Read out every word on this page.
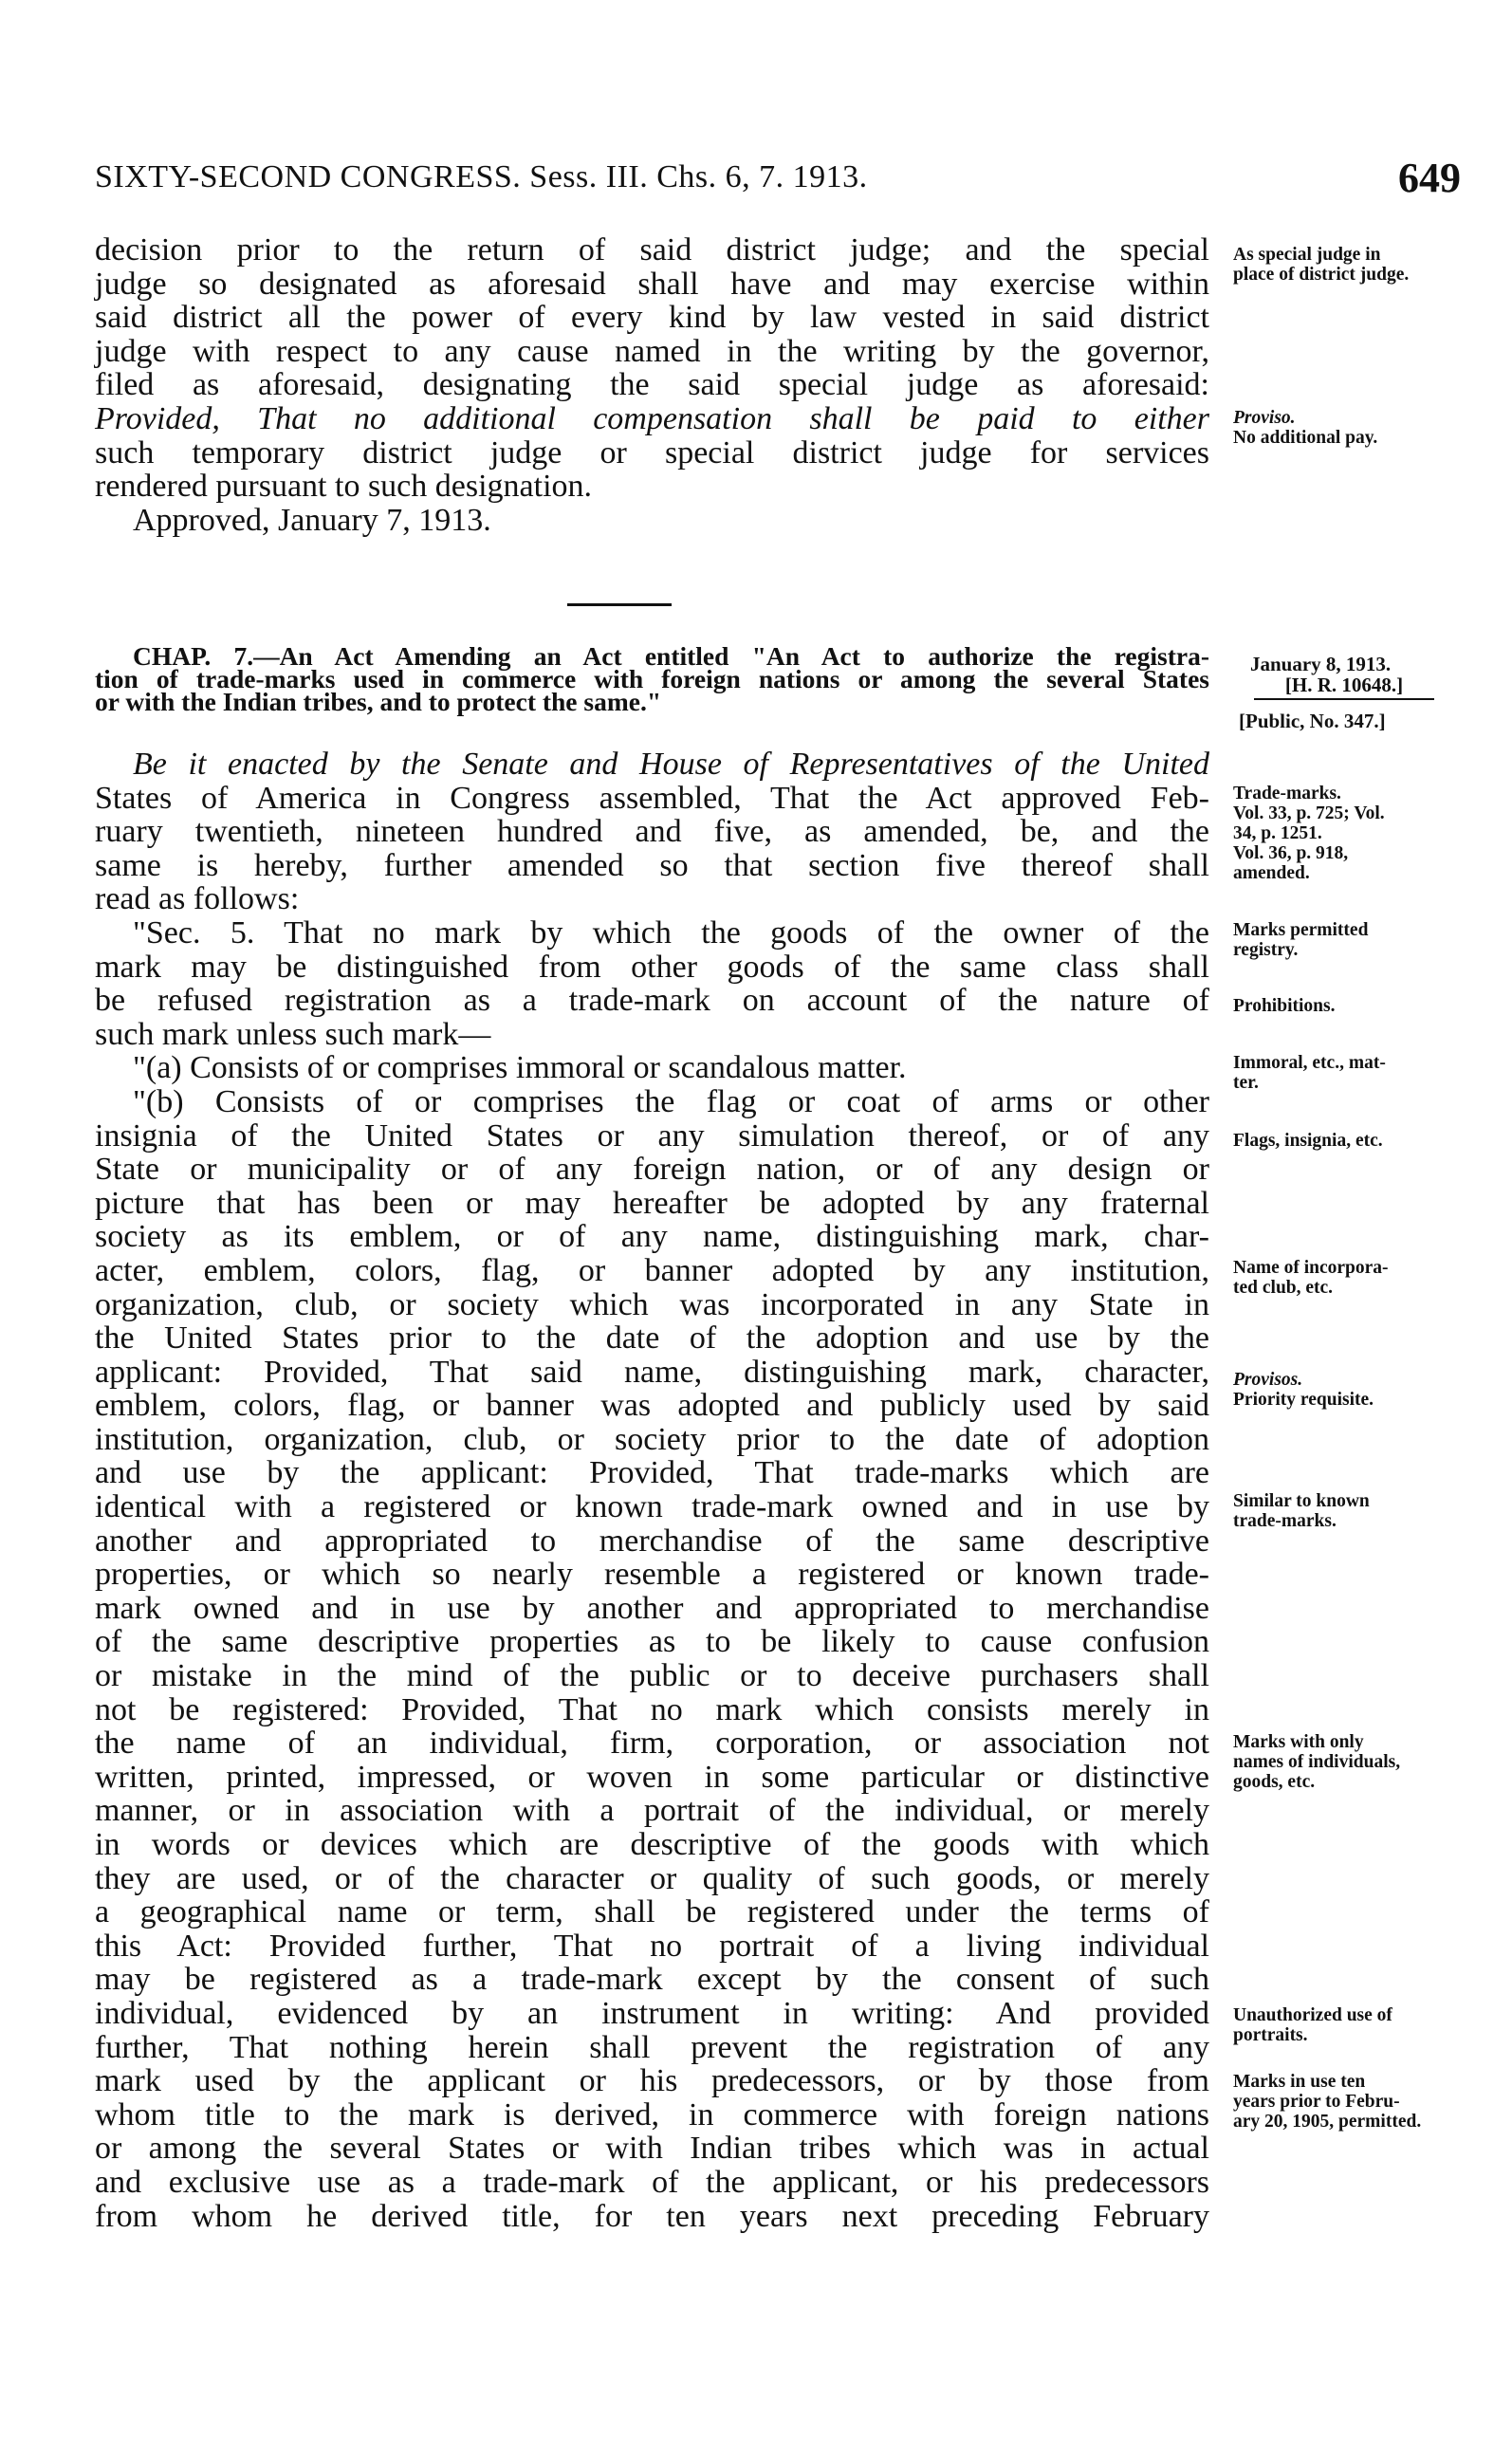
SIXTY-SECOND CONGRESS. Sess. III. Chs. 6, 7. 1913.	649
decision prior to the return of said district judge; and the special
judge so designated as aforesaid shall have and may exercise within
said district all the power of every kind by law vested in said district
judge with respect to any cause named in the writing by the governor,
filed as aforesaid, designating the said special judge as aforesaid:
Provided, That no additional compensation shall be paid to either
such temporary district judge or special district judge for services
rendered pursuant to such designation.
Approved, January 7, 1913.
CHAP. 7.—An Act Amending an Act entitled "An Act to authorize the registra-
tion of trade-marks used in commerce with foreign nations or among the several States
or with the Indian tribes, and to protect the same."
Be it enacted by the Senate and House of Representatives of the United
States of America in Congress assembled, That the Act approved Feb-
ruary twentieth, nineteen hundred and five, as amended, be, and the
same is hereby, further amended so that section five thereof shall
read as follows:
"Sec. 5. That no mark by which the goods of the owner of the
mark may be distinguished from other goods of the same class shall
be refused registration as a trade-mark on account of the nature of
such mark unless such mark—
"(a) Consists of or comprises immoral or scandalous matter.
"(b) Consists of or comprises the flag or coat of arms or other
insignia of the United States or any simulation thereof, or of any
State or municipality or of any foreign nation, or of any design or
picture that has been or may hereafter be adopted by any fraternal
society as its emblem, or of any name, distinguishing mark, char-
acter, emblem, colors, flag, or banner adopted by any institution,
organization, club, or society which was incorporated in any State in
the United States prior to the date of the adoption and use by the
applicant: Provided, That said name, distinguishing mark, character,
emblem, colors, flag, or banner was adopted and publicly used by said
institution, organization, club, or society prior to the date of adoption
and use by the applicant: Provided, That trade-marks which are
identical with a registered or known trade-mark owned and in use by
another and appropriated to merchandise of the same descriptive
properties, or which so nearly resemble a registered or known trade-
mark owned and in use by another and appropriated to merchandise
of the same descriptive properties as to be likely to cause confusion
or mistake in the mind of the public or to deceive purchasers shall
not be registered: Provided, That no mark which consists merely in
the name of an individual, firm, corporation, or association not
written, printed, impressed, or woven in some particular or distinctive
manner, or in association with a portrait of the individual, or merely
in words or devices which are descriptive of the goods with which
they are used, or of the character or quality of such goods, or merely
a geographical name or term, shall be registered under the terms of
this Act: Provided further, That no portrait of a living individual
may be registered as a trade-mark except by the consent of such
individual, evidenced by an instrument in writing: And provided
further, That nothing herein shall prevent the registration of any
mark used by the applicant or his predecessors, or by those from
whom title to the mark is derived, in commerce with foreign nations
or among the several States or with Indian tribes which was in actual
and exclusive use as a trade-mark of the applicant, or his predecessors
from whom he derived title, for ten years next preceding February
As special judge in
place of district judge.
Proviso.
No additional pay.
January 8, 1913.
[H. R. 10648.]
[Public, No. 347.]
Trade-marks.
Vol. 33, p. 725; Vol.
34, p. 1251.
Vol. 36, p. 918,
amended.
Marks permitted
registry.
Prohibitions.
Immoral, etc., mat-
ter.
Flags, insignia, etc.
Name of incorpora-
ted club, etc.
Provisos.
Priority requisite.
Similar to known
trade-marks.
Marks with only
names of individuals,
goods, etc.
Unauthorized use of
portraits.
Marks in use ten
years prior to Febru-
ary 20, 1905, permitted.
